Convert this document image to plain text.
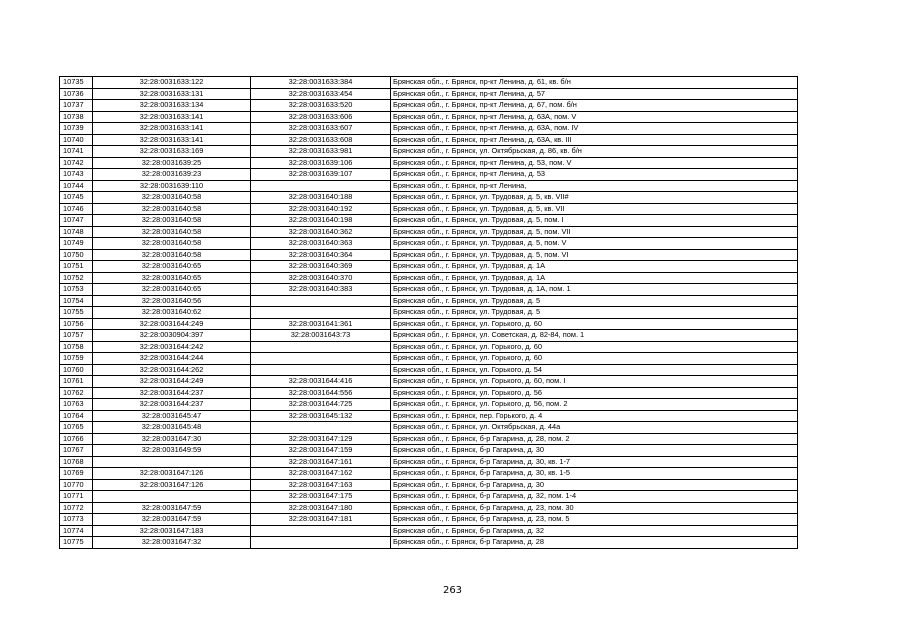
10735	32:28:0031633:122	32:28:0031633:384	Брянская обл., г. Брянск, пр-кт Ленина, д. 61, кв. б/н
10736	32:28:0031633:131	32:28:0031633:454	Брянская обл., г. Брянск, пр-кт Ленина, д. 57
10737	32:28:0031633:134	32:28:0031633:520	Брянская обл., г. Брянск, пр-кт Ленина, д. 67, пом. б/н
10738	32:28:0031633:141	32:28:0031633:606	Брянская обл., г. Брянск, пр-кт Ленина, д. 63А, пом. V
10739	32:28:0031633:141	32:28:0031633:607	Брянская обл., г. Брянск, пр-кт Ленина, д. 63А, пом. IV
10740	32:28:0031633:141	32:28:0031633:608	Брянская обл., г. Брянск, пр-кт Ленина, д. 63А, кв. III
10741	32:28:0031633:169	32:28:0031633:981	Брянская обл., г. Брянск, ул. Октябрьская, д. 86, кв. б/н
10742	32:28:0031639:25	32:28:0031639:106	Брянская обл., г. Брянск, пр-кт Ленина, д. 53, пом. V
10743	32:28:0031639:23	32:28:0031639:107	Брянская обл., г. Брянск, пр-кт Ленина, д. 53
10744	32:28:0031639:110		Брянская обл., г. Брянск, пр-кт Ленина,
10745	32:28:0031640:58	32:28:0031640:188	Брянская обл., г. Брянск, ул. Трудовая, д. 5, кв. VII#
10746	32:28:0031640:58	32:28:0031640:192	Брянская обл., г. Брянск, ул. Трудовая, д. 5, кв. VII
10747	32:28:0031640:58	32:28:0031640:198	Брянская обл., г. Брянск, ул. Трудовая, д. 5, пом. I
10748	32:28:0031640:58	32:28:0031640:362	Брянская обл., г. Брянск, ул. Трудовая, д. 5, пом. VII
10749	32:28:0031640:58	32:28:0031640:363	Брянская обл., г. Брянск, ул. Трудовая, д. 5, пом. V
10750	32:28:0031640:58	32:28:0031640:364	Брянская обл., г. Брянск, ул. Трудовая, д. 5, пом. VI
10751	32:28:0031640:65	32:28:0031640:369	Брянская обл., г. Брянск, ул. Трудовая, д. 1А
10752	32:28:0031640:65	32:28:0031640:370	Брянская обл., г. Брянск, ул. Трудовая, д. 1А
10753	32:28:0031640:65	32:28:0031640:383	Брянская обл., г. Брянск, ул. Трудовая, д. 1А, пом. 1
10754	32:28:0031640:56		Брянская обл., г. Брянск, ул. Трудовая, д. 5
10755	32:28:0031640:62		Брянская обл., г. Брянск, ул. Трудовая, д. 5
10756	32:28:0031644:249	32:28:0031641:361	Брянская обл., г. Брянск, ул. Горького, д. 60
10757	32:28:0030904:397	32:28:0031643:73	Брянская обл., г. Брянск, ул. Советская, д. 82-84, пом. 1
10758	32:28:0031644:242		Брянская обл., г. Брянск, ул. Горького, д. 60
10759	32:28:0031644:244		Брянская обл., г. Брянск, ул. Горького, д. 60
10760	32:28:0031644:262		Брянская обл., г. Брянск, ул. Горького, д. 54
10761	32:28:0031644:249	32:28:0031644:416	Брянская обл., г. Брянск, ул. Горького, д. 60, пом. I
10762	32:28:0031644:237	32:28:0031644:556	Брянская обл., г. Брянск, ул. Горького, д. 56
10763	32:28:0031644:237	32:28:0031644:725	Брянская обл., г. Брянск, ул. Горького, д. 56, пом. 2
10764	32:28:0031645:47	32:28:0031645:132	Брянская обл., г. Брянск, пер. Горького, д. 4
10765	32:28:0031645:48		Брянская обл., г. Брянск, ул. Октябрьская, д. 44а
10766	32:28:0031647:30	32:28:0031647:129	Брянская обл., г. Брянск, б-р Гагарина, д. 28, пом. 2
10767	32:28:0031649:59	32:28:0031647:159	Брянская обл., г. Брянск, б-р Гагарина, д. 30
10768		32:28:0031647:161	Брянская обл., г. Брянск, б-р Гагарина, д. 30, кв. 1-7
10769	32:28:0031647:126	32:28:0031647:162	Брянская обл., г. Брянск, б-р Гагарина, д. 30, кв. 1-5
10770	32:28:0031647:126	32:28:0031647:163	Брянская обл., г. Брянск, б-р Гагарина, д. 30
10771		32:28:0031647:175	Брянская обл., г. Брянск, б-р Гагарина, д. 32, пом. 1-4
10772	32:28:0031647:59	32:28:0031647:180	Брянская обл., г. Брянск, б-р Гагарина, д. 23, пом. 30
10773	32:28:0031647:59	32:28:0031647:181	Брянская обл., г. Брянск, б-р Гагарина, д. 23, пом. 5
10774	32:28:0031647:183		Брянская обл., г. Брянск, б-р Гагарина, д. 32
10775	32:28:0031647:32		Брянская обл., г. Брянск, б-р Гагарина, д. 28
263
